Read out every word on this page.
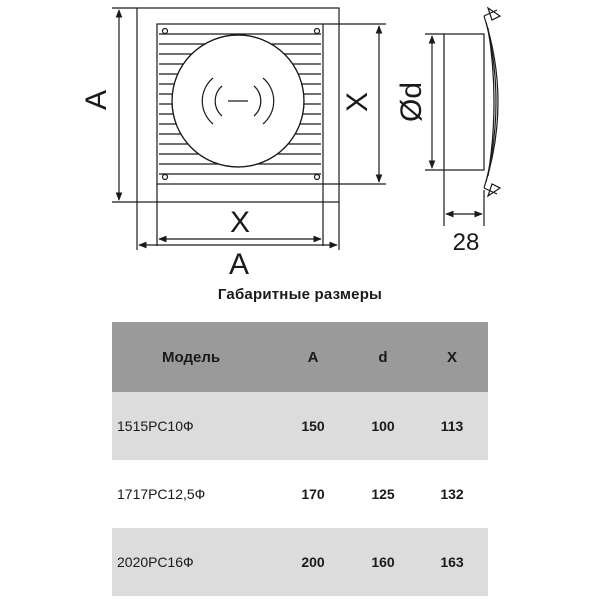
A	X
X
A
Ød
28
Габаритные размеры
Модель	A	d	X
1515РС10Ф	150	100	113
1717РС12,5Ф	170	125	132
2020РС16Ф	200	160	163
